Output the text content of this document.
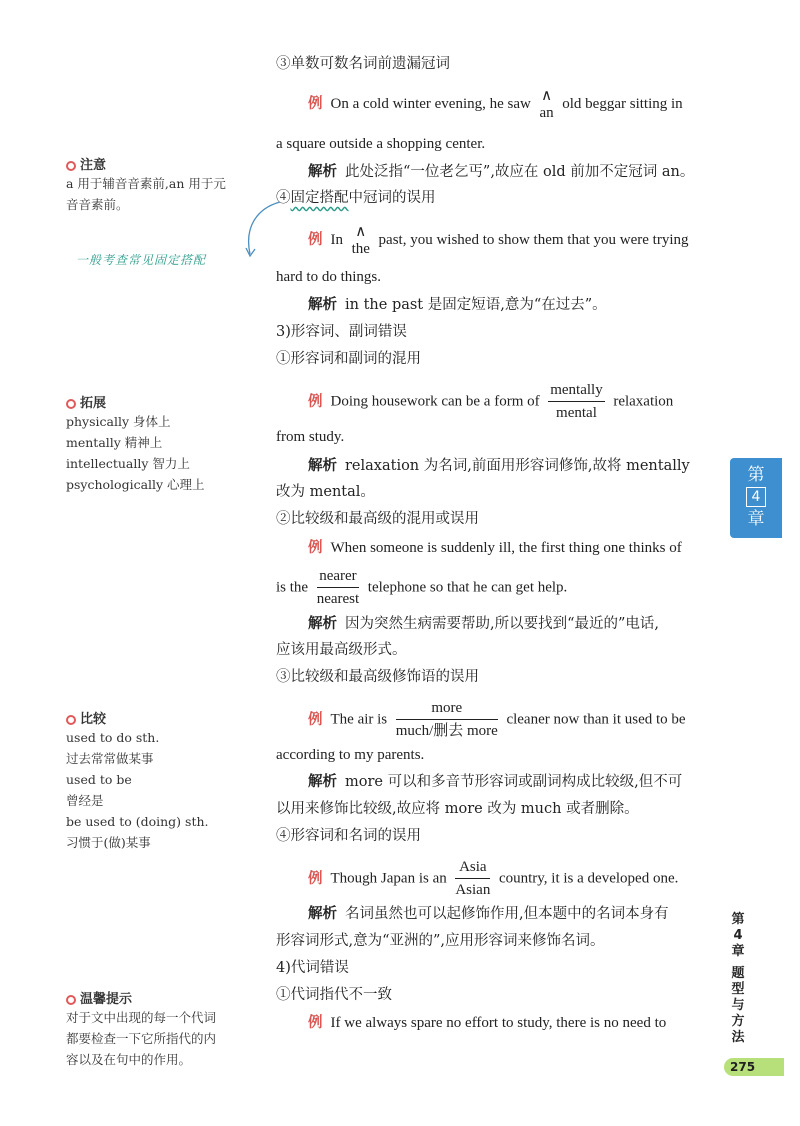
③单数可数名词前遗漏冠词
例 On a cold winter evening, he saw ∧
an old beggar sitting in
a square outside a shopping center.
解析 此处泛指“一位老乞丐”,故应在 old 前加不定冠词 an。
④固定搭配中冠词的误用
例 In ∧
the past, you wished to show them that you were trying
hard to do things.
解析 in the past 是固定短语,意为“在过去”。
3)形容词、副词错误
①形容词和副词的混用
例 Doing housework can be a form of $\frac{\text{mentally}}{\text{mental}}$ relaxation
from study.
解析 relaxation 为名词,前面用形容词修饰,故将 mentally
改为 mental。
②比较级和最高级的混用或误用
例 When someone is suddenly ill, the first thing one thinks of
is the $\frac{\text{nearer}}{\text{nearest}}$ telephone so that he can get help.
解析 因为突然生病需要帮助,所以要找到“最近的”电话,
应该用最高级形式。
③比较级和最高级修饰语的误用
例 The air is $\frac{\text{more}}{\text{much/删去 more}}$ cleaner now than it used to be
according to my parents.
解析 more 可以和多音节形容词或副词构成比较级,但不可
以用来修饰比较级,故应将 more 改为 much 或者删除。
④形容词和名词的误用
例 Though Japan is an $\frac{\text{Asia}}{\text{Asian}}$ country, it is a developed one.
解析 名词虽然也可以起修饰作用,但本题中的名词本身有
形容词形式,意为“亚洲的”,应用形容词来修饰名词。
4)代词错误
①代词指代不一致
例 If we always spare no effort to study, there is no need to
注意
a 用于辅音音素前,an 用于元
音音素前。
一般考查常见固定搭配
拓展
physically 身体上
mentally 精神上
intellectually 智力上
psychologically 心理上
比较
used to do sth.
过去常常做某事
used to be
曾经是
be used to (doing) sth.
习惯于(做)某事
温馨提示
对于文中出现的每一个代词
都要检查一下它所指代的内
容以及在句中的作用。
第
4
章
第
4
章
题
型
与
方
法
275
